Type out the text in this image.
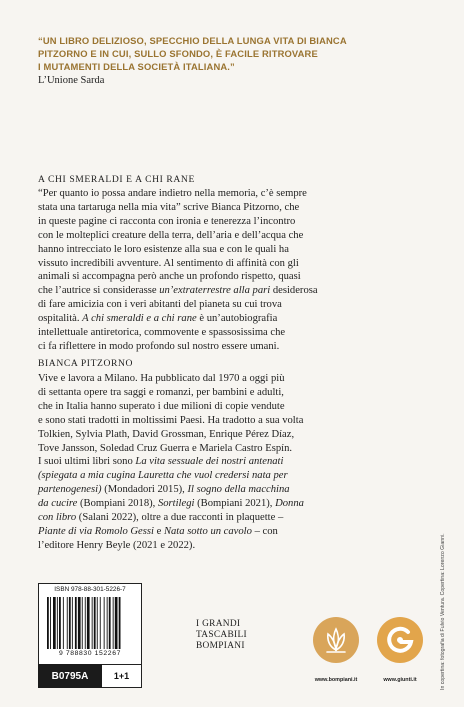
“UN LIBRO DELIZIOSO, SPECCHIO DELLA LUNGA VITA DI BIANCA
PITZORNO E IN CUI, SULLO SFONDO, È FACILE RITROVARE
I MUTAMENTI DELLA SOCIETÀ ITALIANA.”
L’Unione Sarda
A CHI SMERALDI E A CHI RANE
“Per quanto io possa andare indietro nella memoria, c’è sempre
stata una tartaruga nella mia vita” scrive Bianca Pitzorno, che
in queste pagine ci racconta con ironia e tenerezza l’incontro
con le molteplici creature della terra, dell’aria e dell’acqua che
hanno intrecciato le loro esistenze alla sua e con le quali ha
vissuto incredibili avventure. Al sentimento di affinità con gli
animali si accompagna però anche un profondo rispetto, quasi
che l’autrice si considerasse un’extraterrestre alla pari desiderosa
di fare amicizia con i veri abitanti del pianeta su cui trova
ospitalità. A chi smeraldi e a chi rane è un’autobiografia
intellettuale antiretorica, commovente e spassosissima che
ci fa riflettere in modo profondo sul nostro essere umani.
BIANCA PITZORNO
Vive e lavora a Milano. Ha pubblicato dal 1970 a oggi più
di settanta opere tra saggi e romanzi, per bambini e adulti,
che in Italia hanno superato i due milioni di copie vendute
e sono stati tradotti in moltissimi Paesi. Ha tradotto a sua volta
Tolkien, Sylvia Plath, David Grossman, Enrique Pérez Díaz,
Tove Jansson, Soledad Cruz Guerra e Mariela Castro Espín.
I suoi ultimi libri sono La vita sessuale dei nostri antenati
(spiegata a mia cugina Lauretta che vuol credersi nata per
partenogenesi) (Mondadori 2015), Il sogno della macchina
da cucire (Bompiani 2018), Sortilegi (Bompiani 2021), Donna
con libro (Salani 2022), oltre a due racconti in plaquette –
Piante di via Romolo Gessi e Nata sotto un cavolo – con
l’editore Henry Beyle (2021 e 2022).	In copertina: fotografia di Fulvio Ventura. Copertina: Lorenzo Gianni.
ISBN 978-88-301-5226-7
9 788830 152267
B0795A	1+1
I GRANDI
TASCABILI
BOMPIANI
www.bompiani.it	www.giunti.it
